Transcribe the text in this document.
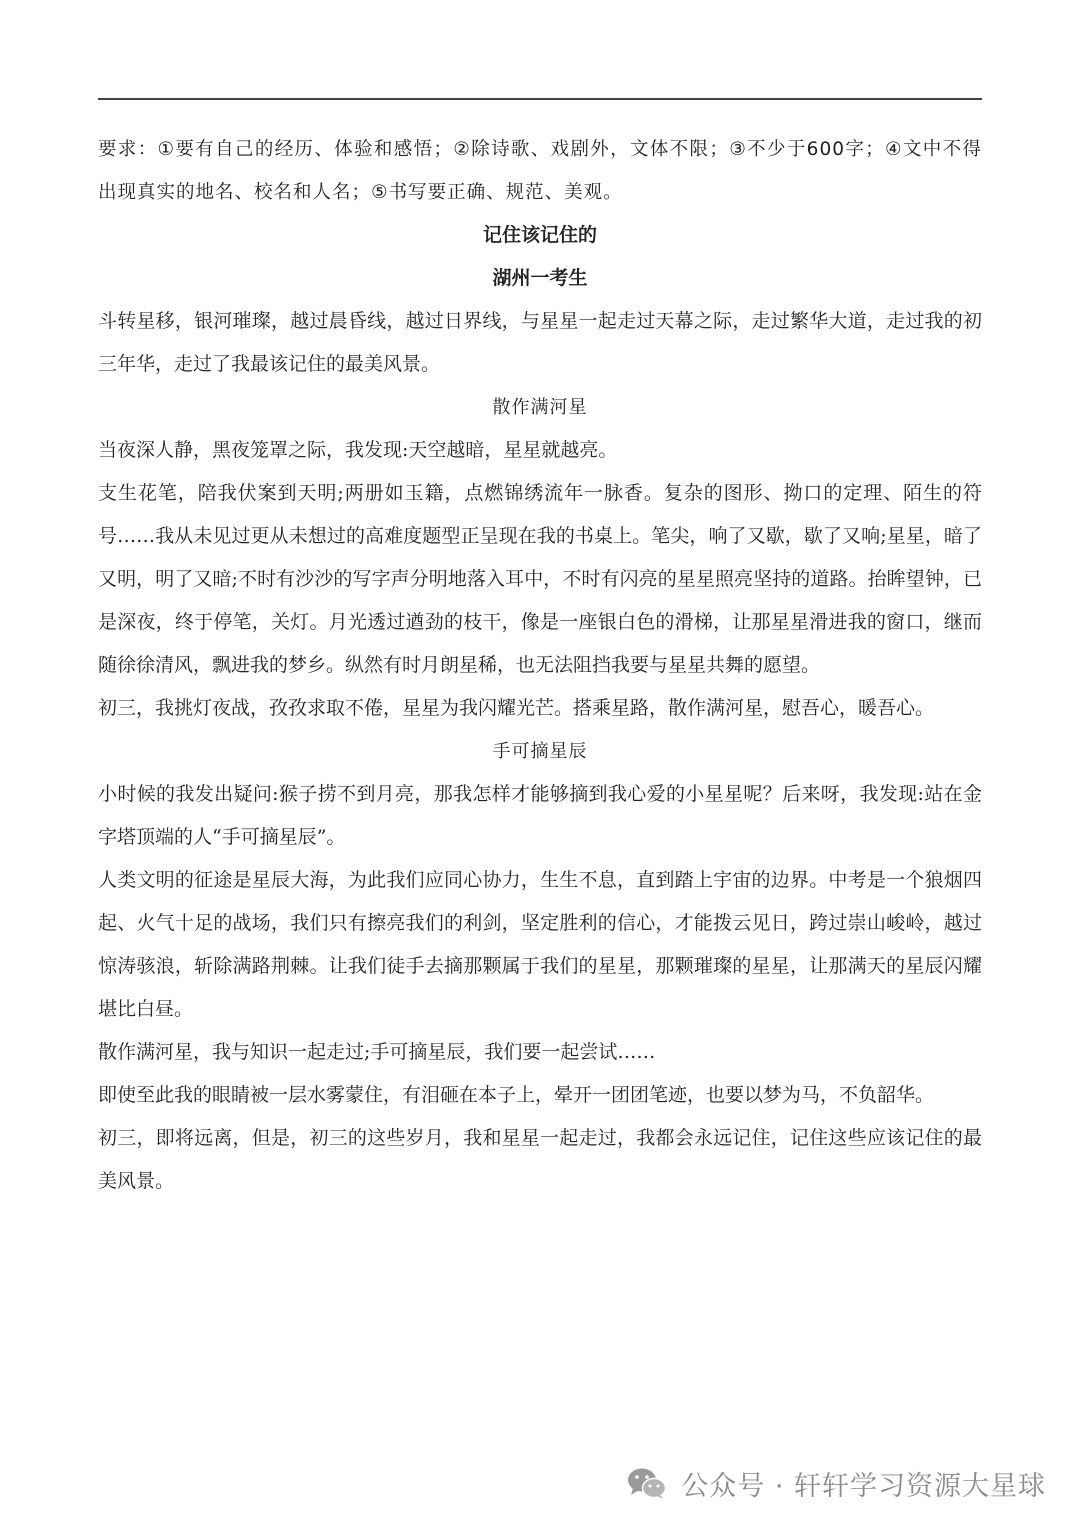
要求：①要有自己的经历、体验和感悟；②除诗歌、戏剧外，文体不限；③不少于600字；④文中不得出现真实的地名、校名和人名；⑤书写要正确、规范、美观。

记住该记住的

湖州一考生

斗转星移，银河璀璨，越过晨昏线，越过日界线，与星星一起走过天幕之际，走过繁华大道，走过我的初三年华，走过了我最该记住的最美风景。

散作满河星

当夜深人静，黑夜笼罩之际，我发现:天空越暗，星星就越亮。

支生花笔，陪我伏案到天明;两册如玉籍，点燃锦绣流年一脉香。复杂的图形、拗口的定理、陌生的符号……我从未见过更从未想过的高难度题型正呈现在我的书桌上。笔尖，响了又歇，歇了又响;星星，暗了又明，明了又暗;不时有沙沙的写字声分明地落入耳中，不时有闪亮的星星照亮坚持的道路。抬眸望钟，已是深夜，终于停笔，关灯。月光透过遒劲的枝干，像是一座银白色的滑梯，让那星星滑进我的窗口，继而随徐徐清风，飘进我的梦乡。纵然有时月朗星稀，也无法阻挡我要与星星共舞的愿望。

初三，我挑灯夜战，孜孜求取不倦，星星为我闪耀光芒。搭乘星路，散作满河星，慰吾心，暖吾心。

手可摘星辰

小时候的我发出疑问:猴子捞不到月亮，那我怎样才能够摘到我心爱的小星星呢？后来呀，我发现:站在金字塔顶端的人“手可摘星辰”。

人类文明的征途是星辰大海，为此我们应同心协力，生生不息，直到踏上宇宙的边界。中考是一个狼烟四起、火气十足的战场，我们只有擦亮我们的利剑，坚定胜利的信心，才能拨云见日，跨过崇山峻岭，越过惊涛骇浪，斩除满路荆棘。让我们徒手去摘那颗属于我们的星星，那颗璀璨的星星，让那满天的星辰闪耀堪比白昼。

散作满河星，我与知识一起走过;手可摘星辰，我们要一起尝试……

即使至此我的眼睛被一层水雾蒙住，有泪砸在本子上，晕开一团团笔迹，也要以梦为马，不负韶华。

初三，即将远离，但是，初三的这些岁月，我和星星一起走过，我都会永远记住，记住这些应该记住的最美风景。

公众号 · 轩轩学习资源大星球
